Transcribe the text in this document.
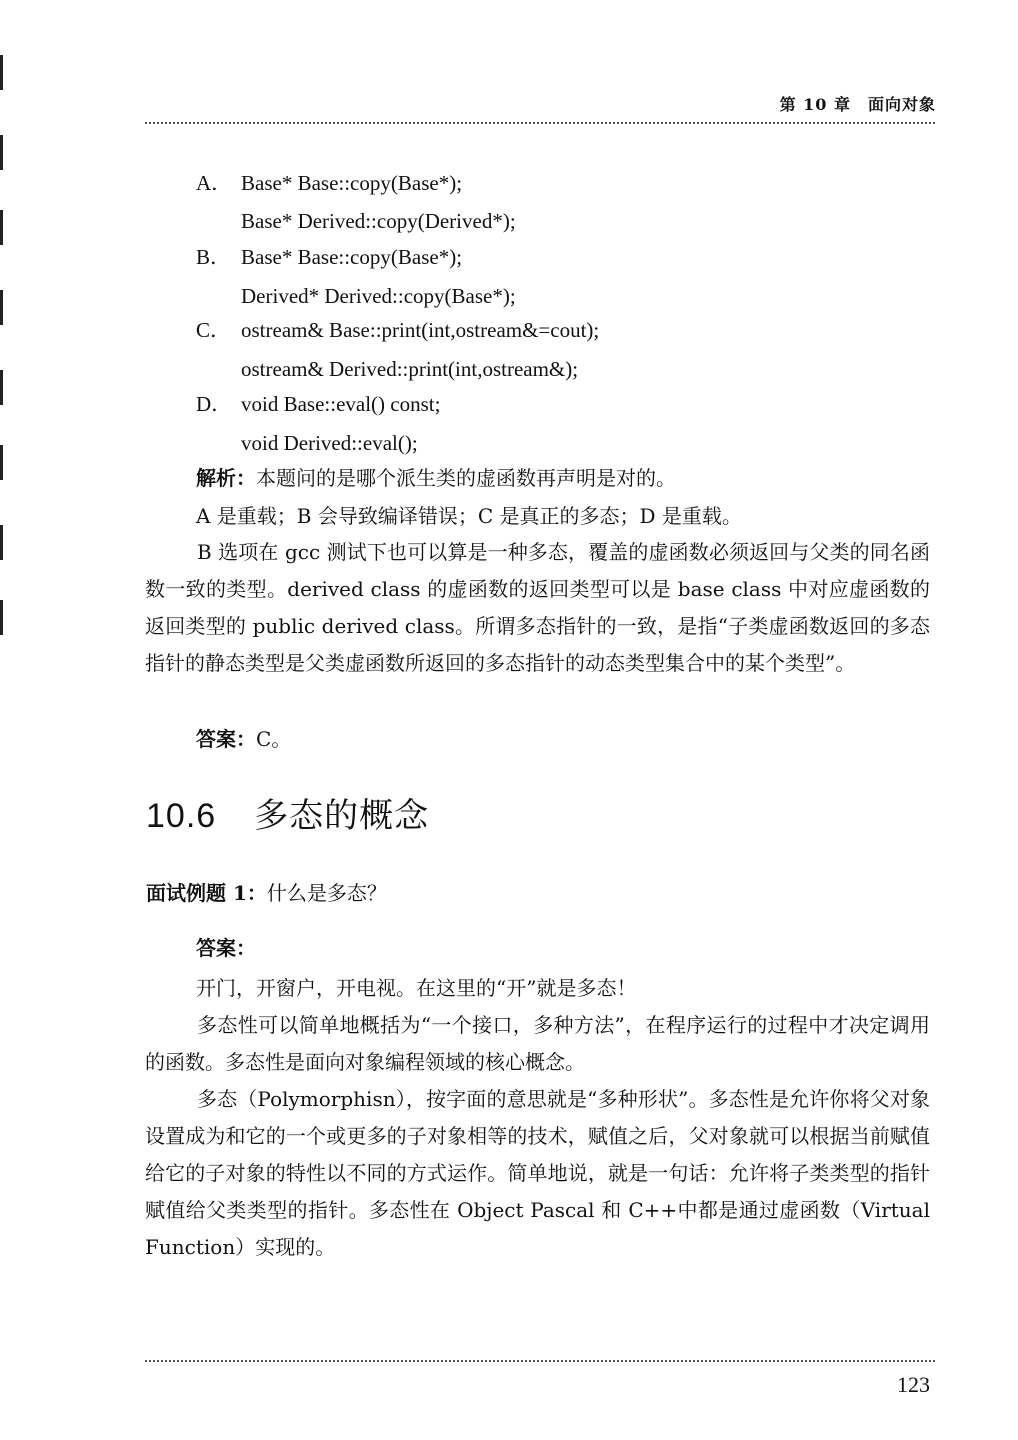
第 10 章　面向对象
A． Base* Base::copy(Base*);
Base* Derived::copy(Derived*);
B． Base* Base::copy(Base*);
Derived* Derived::copy(Base*);
C． ostream& Base::print(int,ostream&=cout);
ostream& Derived::print(int,ostream&);
D． void Base::eval() const;
void Derived::eval();
解析：本题问的是哪个派生类的虚函数再声明是对的。
A 是重载；B 会导致编译错误；C 是真正的多态；D 是重载。
B 选项在 gcc 测试下也可以算是一种多态，覆盖的虚函数必须返回与父类的同名函数一致的类型。derived class 的虚函数的返回类型可以是 base class 中对应虚函数的返回类型的 public derived class。所谓多态指针的一致，是指“子类虚函数返回的多态指针的静态类型是父类虚函数所返回的多态指针的动态类型集合中的某个类型”。
答案：C。
10.6 多态的概念
面试例题 1：什么是多态？
答案：
开门，开窗户，开电视。在这里的“开”就是多态！
多态性可以简单地概括为“一个接口，多种方法”，在程序运行的过程中才决定调用的函数。多态性是面向对象编程领域的核心概念。
多态（Polymorphisn），按字面的意思就是“多种形状”。多态性是允许你将父对象设置成为和它的一个或更多的子对象相等的技术，赋值之后，父对象就可以根据当前赋值给它的子对象的特性以不同的方式运作。简单地说，就是一句话：允许将子类类型的指针赋值给父类类型的指针。多态性在 Object Pascal 和 C++中都是通过虚函数（Virtual Function）实现的。
123
